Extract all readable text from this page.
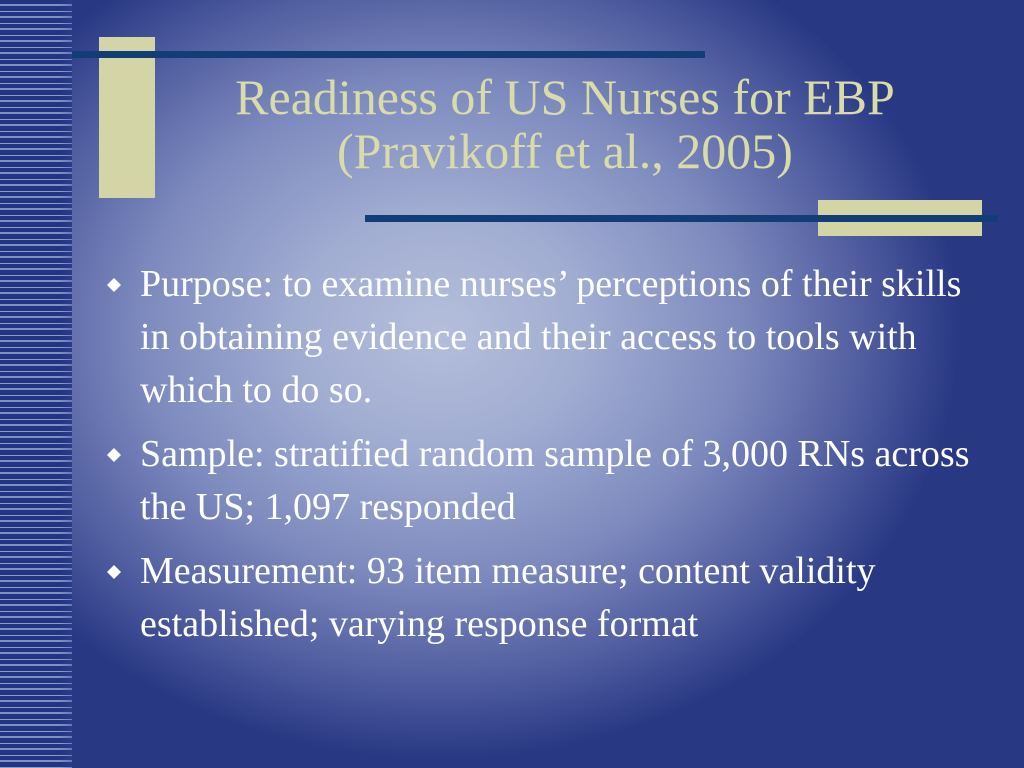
Readiness of US Nurses for EBP (Pravikoff et al., 2005)
Purpose: to examine nurses’ perceptions of their skills in obtaining evidence and their access to tools with which to do so.
Sample: stratified random sample of 3,000 RNs across the US; 1,097 responded
Measurement: 93 item measure; content validity established; varying response format
